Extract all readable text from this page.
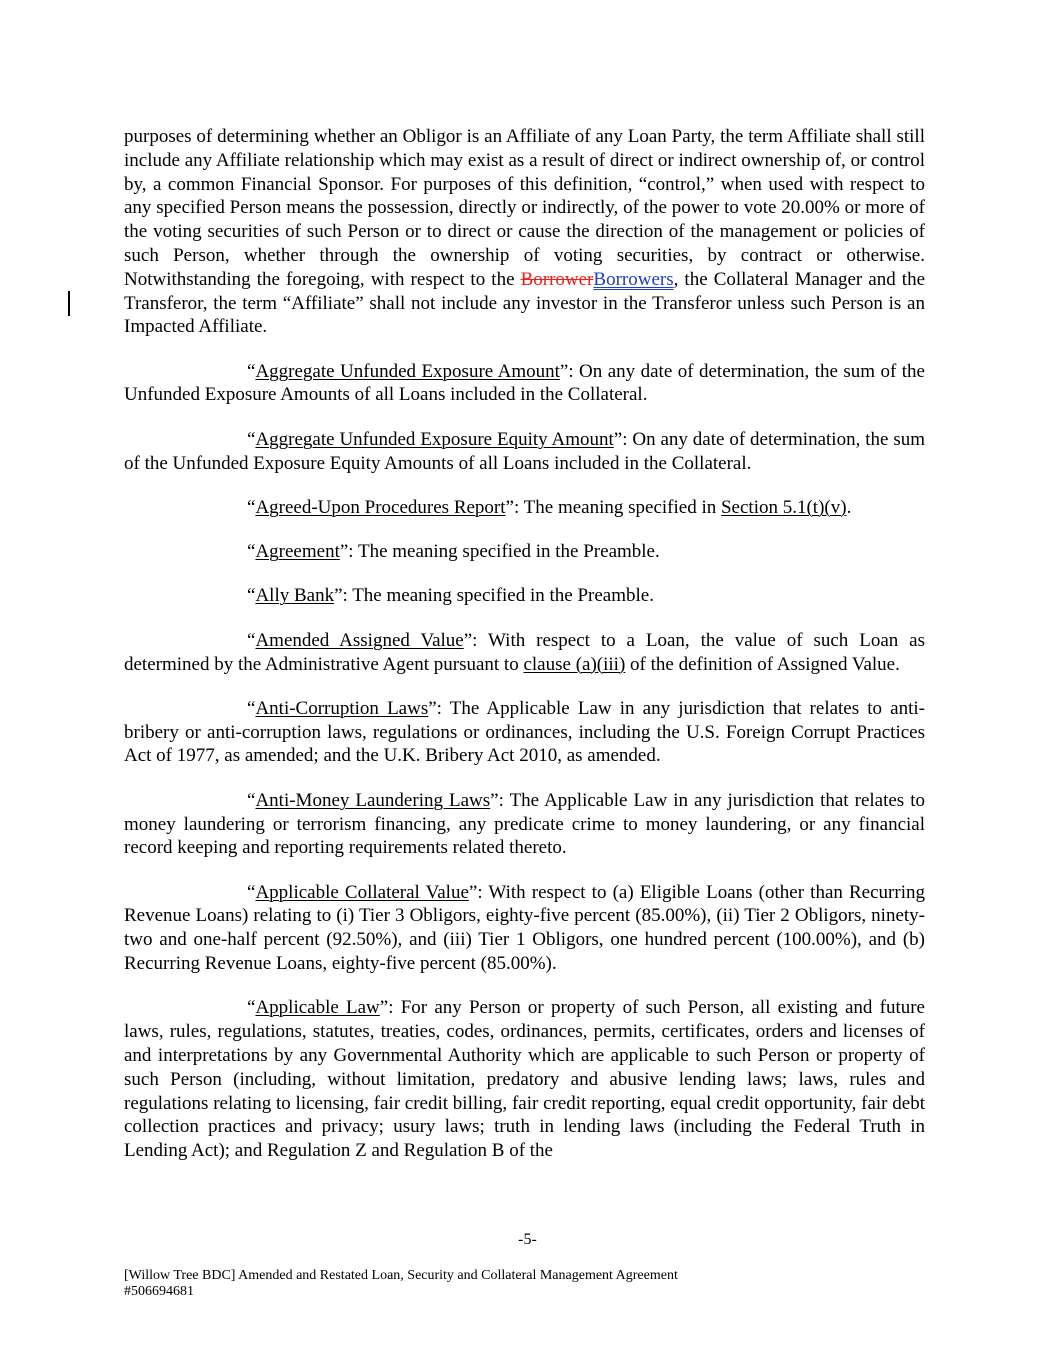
purposes of determining whether an Obligor is an Affiliate of any Loan Party, the term Affiliate shall still include any Affiliate relationship which may exist as a result of direct or indirect ownership of, or control by, a common Financial Sponsor. For purposes of this definition, “control,” when used with respect to any specified Person means the possession, directly or indirectly, of the power to vote 20.00% or more of the voting securities of such Person or to direct or cause the direction of the management or policies of such Person, whether through the ownership of voting securities, by contract or otherwise. Notwithstanding the foregoing, with respect to the BorrowerBorrowers, the Collateral Manager and the Transferor, the term “Affiliate” shall not include any investor in the Transferor unless such Person is an Impacted Affiliate.

“Aggregate Unfunded Exposure Amount”: On any date of determination, the sum of the Unfunded Exposure Amounts of all Loans included in the Collateral.

“Aggregate Unfunded Exposure Equity Amount”: On any date of determination, the sum of the Unfunded Exposure Equity Amounts of all Loans included in the Collateral.

“Agreed-Upon Procedures Report”: The meaning specified in Section 5.1(t)(v).

“Agreement”: The meaning specified in the Preamble.

“Ally Bank”: The meaning specified in the Preamble.

“Amended Assigned Value”: With respect to a Loan, the value of such Loan as determined by the Administrative Agent pursuant to clause (a)(iii) of the definition of Assigned Value.

“Anti-Corruption Laws”: The Applicable Law in any jurisdiction that relates to anti-bribery or anti-corruption laws, regulations or ordinances, including the U.S. Foreign Corrupt Practices Act of 1977, as amended; and the U.K. Bribery Act 2010, as amended.

“Anti-Money Laundering Laws”: The Applicable Law in any jurisdiction that relates to money laundering or terrorism financing, any predicate crime to money laundering, or any financial record keeping and reporting requirements related thereto.

“Applicable Collateral Value”: With respect to (a) Eligible Loans (other than Recurring Revenue Loans) relating to (i) Tier 3 Obligors, eighty-five percent (85.00%), (ii) Tier 2 Obligors, ninety-two and one-half percent (92.50%), and (iii) Tier 1 Obligors, one hundred percent (100.00%), and (b) Recurring Revenue Loans, eighty-five percent (85.00%).

“Applicable Law”: For any Person or property of such Person, all existing and future laws, rules, regulations, statutes, treaties, codes, ordinances, permits, certificates, orders and licenses of and interpretations by any Governmental Authority which are applicable to such Person or property of such Person (including, without limitation, predatory and abusive lending laws; laws, rules and regulations relating to licensing, fair credit billing, fair credit reporting, equal credit opportunity, fair debt collection practices and privacy; usury laws; truth in lending laws (including the Federal Truth in Lending Act); and Regulation Z and Regulation B of the

-5-
[Willow Tree BDC] Amended and Restated Loan, Security and Collateral Management Agreement
#506694681
